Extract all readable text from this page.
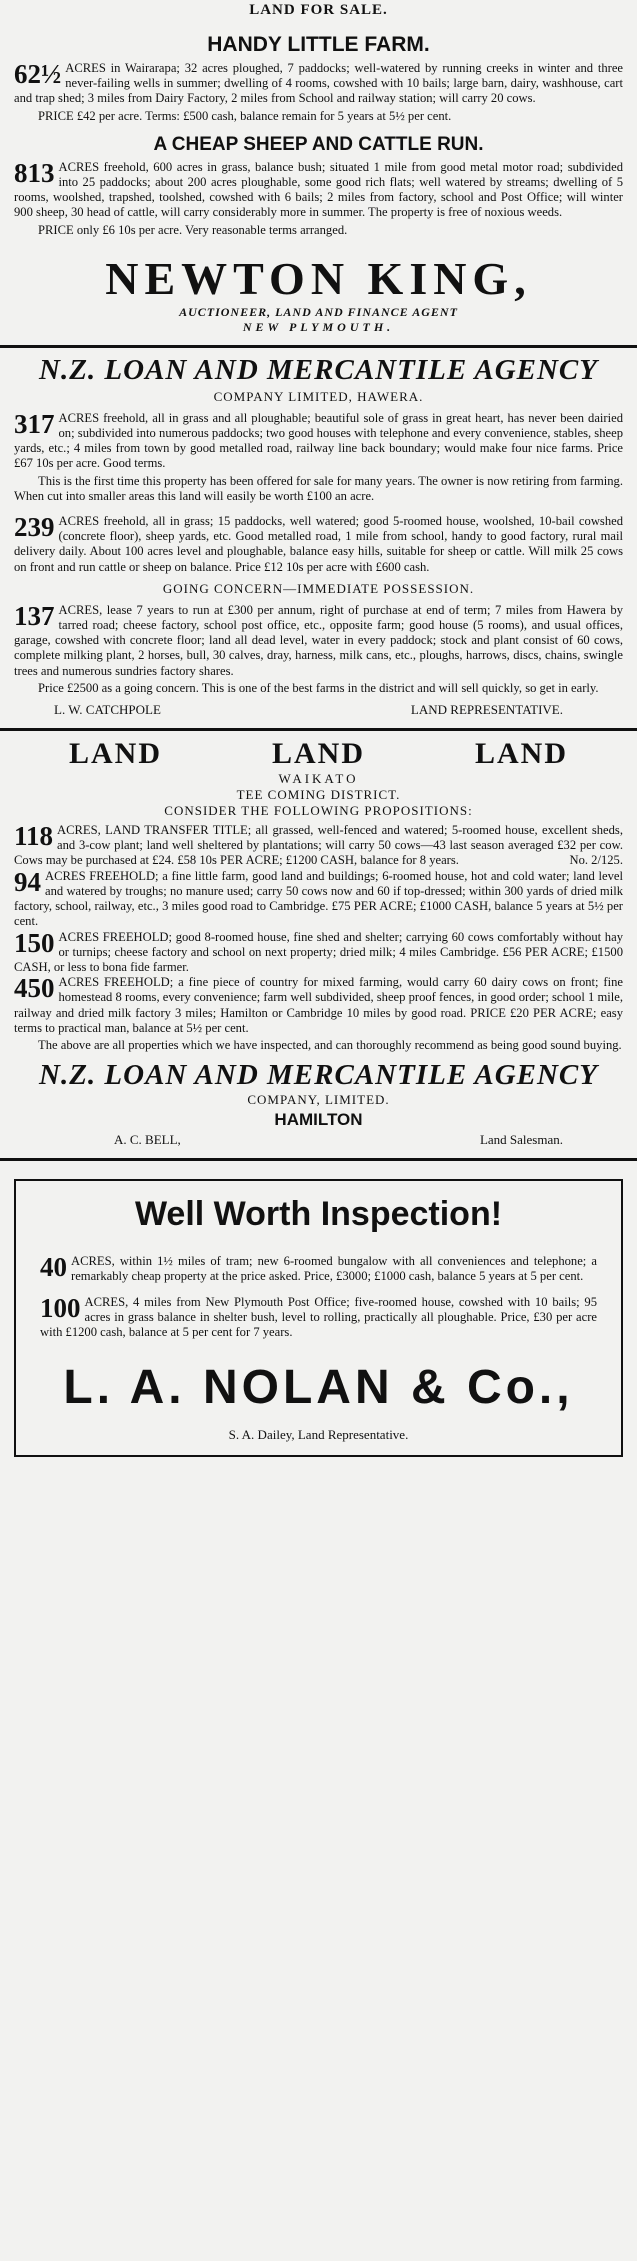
LAND FOR SALE.
HANDY LITTLE FARM.

62½ ACRES in Wairarapa; 32 acres ploughed, 7 paddocks; well-watered by running creeks in winter and three never-failing wells in summer; dwelling of 4 rooms, cowshed with 10 bails; large barn, dairy, washhouse, cart and trap shed; 3 miles from Dairy Factory, 2 miles from School and railway station; will carry 20 cows.

PRICE £42 per acre. Terms: £500 cash, balance remain for 5 years at 5½ per cent.

A CHEAP SHEEP AND CATTLE RUN.

813 ACRES freehold, 600 acres in grass, balance bush; situated 1 mile from good metal motor road; subdivided into 25 paddocks; about 200 acres ploughable, some good rich flats; well watered by streams; dwelling of 5 rooms, woolshed, trapshed, toolshed, cowshed with 6 bails; 2 miles from factory, school and Post Office; will winter 900 sheep, 30 head of cattle, will carry considerably more in summer. The property is free of noxious weeds.

PRICE only £6 10s per acre. Very reasonable terms arranged.

NEWTON KING,
AUCTIONEER, LAND AND FINANCE AGENT
NEW PLYMOUTH.
N.Z. LOAN AND MERCANTILE AGENCY
COMPANY LIMITED, HAWERA.

317 ACRES freehold, all in grass and all ploughable; beautiful sole of grass in great heart, has never been dairied on; subdivided into numerous paddocks; two good houses with telephone and every convenience, stables, sheep yards, etc.; 4 miles from town by good metalled road, railway line back boundary; would make four nice farms. Price £67 10s per acre. Good terms.

This is the first time this property has been offered for sale for many years. The owner is now retiring from farming. When cut into smaller areas this land will easily be worth £100 an acre.

239 ACRES freehold, all in grass; 15 paddocks, well watered; good 5-roomed house, woolshed, 10-bail cowshed (concrete floor), sheep yards, etc. Good metalled road, 1 mile from school, handy to good factory, rural mail delivery daily. About 100 acres level and ploughable, balance easy hills, suitable for sheep or cattle. Will milk 25 cows on front and run cattle or sheep on balance. Price £12 10s per acre with £600 cash.

GOING CONCERN—IMMEDIATE POSSESSION.

137 ACRES, lease 7 years to run at £300 per annum, right of purchase at end of term; 7 miles from Hawera by tarred road; cheese factory, school post office, etc., opposite farm; good house (5 rooms), and usual offices, garage, cowshed with concrete floor; land all dead level, water in every paddock; stock and plant consist of 60 cows, complete milking plant, 2 horses, bull, 30 calves, dray, harness, milk cans, etc., ploughs, harrows, discs, chains, swingle trees and numerous sundries factory shares.

Price £2500 as a going concern. This is one of the best farms in the district and will sell quickly, so get in early.

L. W. CATCHPOLE	LAND REPRESENTATIVE.
LAND	LAND	LAND
WAIKATO
TEE COMING DISTRICT.
CONSIDER THE FOLLOWING PROPOSITIONS:

118 ACRES, LAND TRANSFER TITLE; all grassed, well-fenced and watered; 5-roomed house, excellent sheds, and 3-cow plant; land well sheltered by plantations; will carry 50 cows—43 last season averaged £32 per cow. Cows may be purchased at £24. £58 10s PER ACRE; £1200 CASH, balance for 8 years.	No. 2/125.

94 ACRES FREEHOLD; a fine little farm, good land and buildings; 6-roomed house, hot and cold water; land level and watered by troughs; no manure used; carry 50 cows now and 60 if top-dressed; within 300 yards of dried milk factory, school, railway, etc., 3 miles good road to Cambridge. £75 PER ACRE; £1000 CASH, balance 5 years at 5½ per cent.

150 ACRES FREEHOLD; good 8-roomed house, fine shed and shelter; carrying 60 cows comfortably without hay or turnips; cheese factory and school on next property; dried milk; 4 miles Cambridge. £56 PER ACRE; £1500 CASH, or less to bona fide farmer.

450 ACRES FREEHOLD; a fine piece of country for mixed farming, would carry 60 dairy cows on front; fine homestead 8 rooms, every convenience; farm well subdivided, sheep proof fences, in good order; school 1 mile, railway and dried milk factory 3 miles; Hamilton or Cambridge 10 miles by good road. PRICE £20 PER ACRE; easy terms to practical man, balance at 5½ per cent.

The above are all properties which we have inspected, and can thoroughly recommend as being good sound buying.

N.Z. LOAN AND MERCANTILE AGENCY
COMPANY, LIMITED.
HAMILTON
A. C. BELL,	Land Salesman.
Well Worth Inspection!

40 ACRES, within 1½ miles of tram; new 6-roomed bungalow with all conveniences and telephone; a remarkably cheap property at the price asked. Price, £3000; £1000 cash, balance 5 years at 5 per cent.

100 ACRES, 4 miles from New Plymouth Post Office; five-roomed house, cowshed with 10 bails; 95 acres in grass balance in shelter bush, level to rolling, practically all ploughable. Price, £30 per acre with £1200 cash, balance at 5 per cent for 7 years.

L. A. NOLAN & Co.,
S. A. Dailey, Land Representative.
